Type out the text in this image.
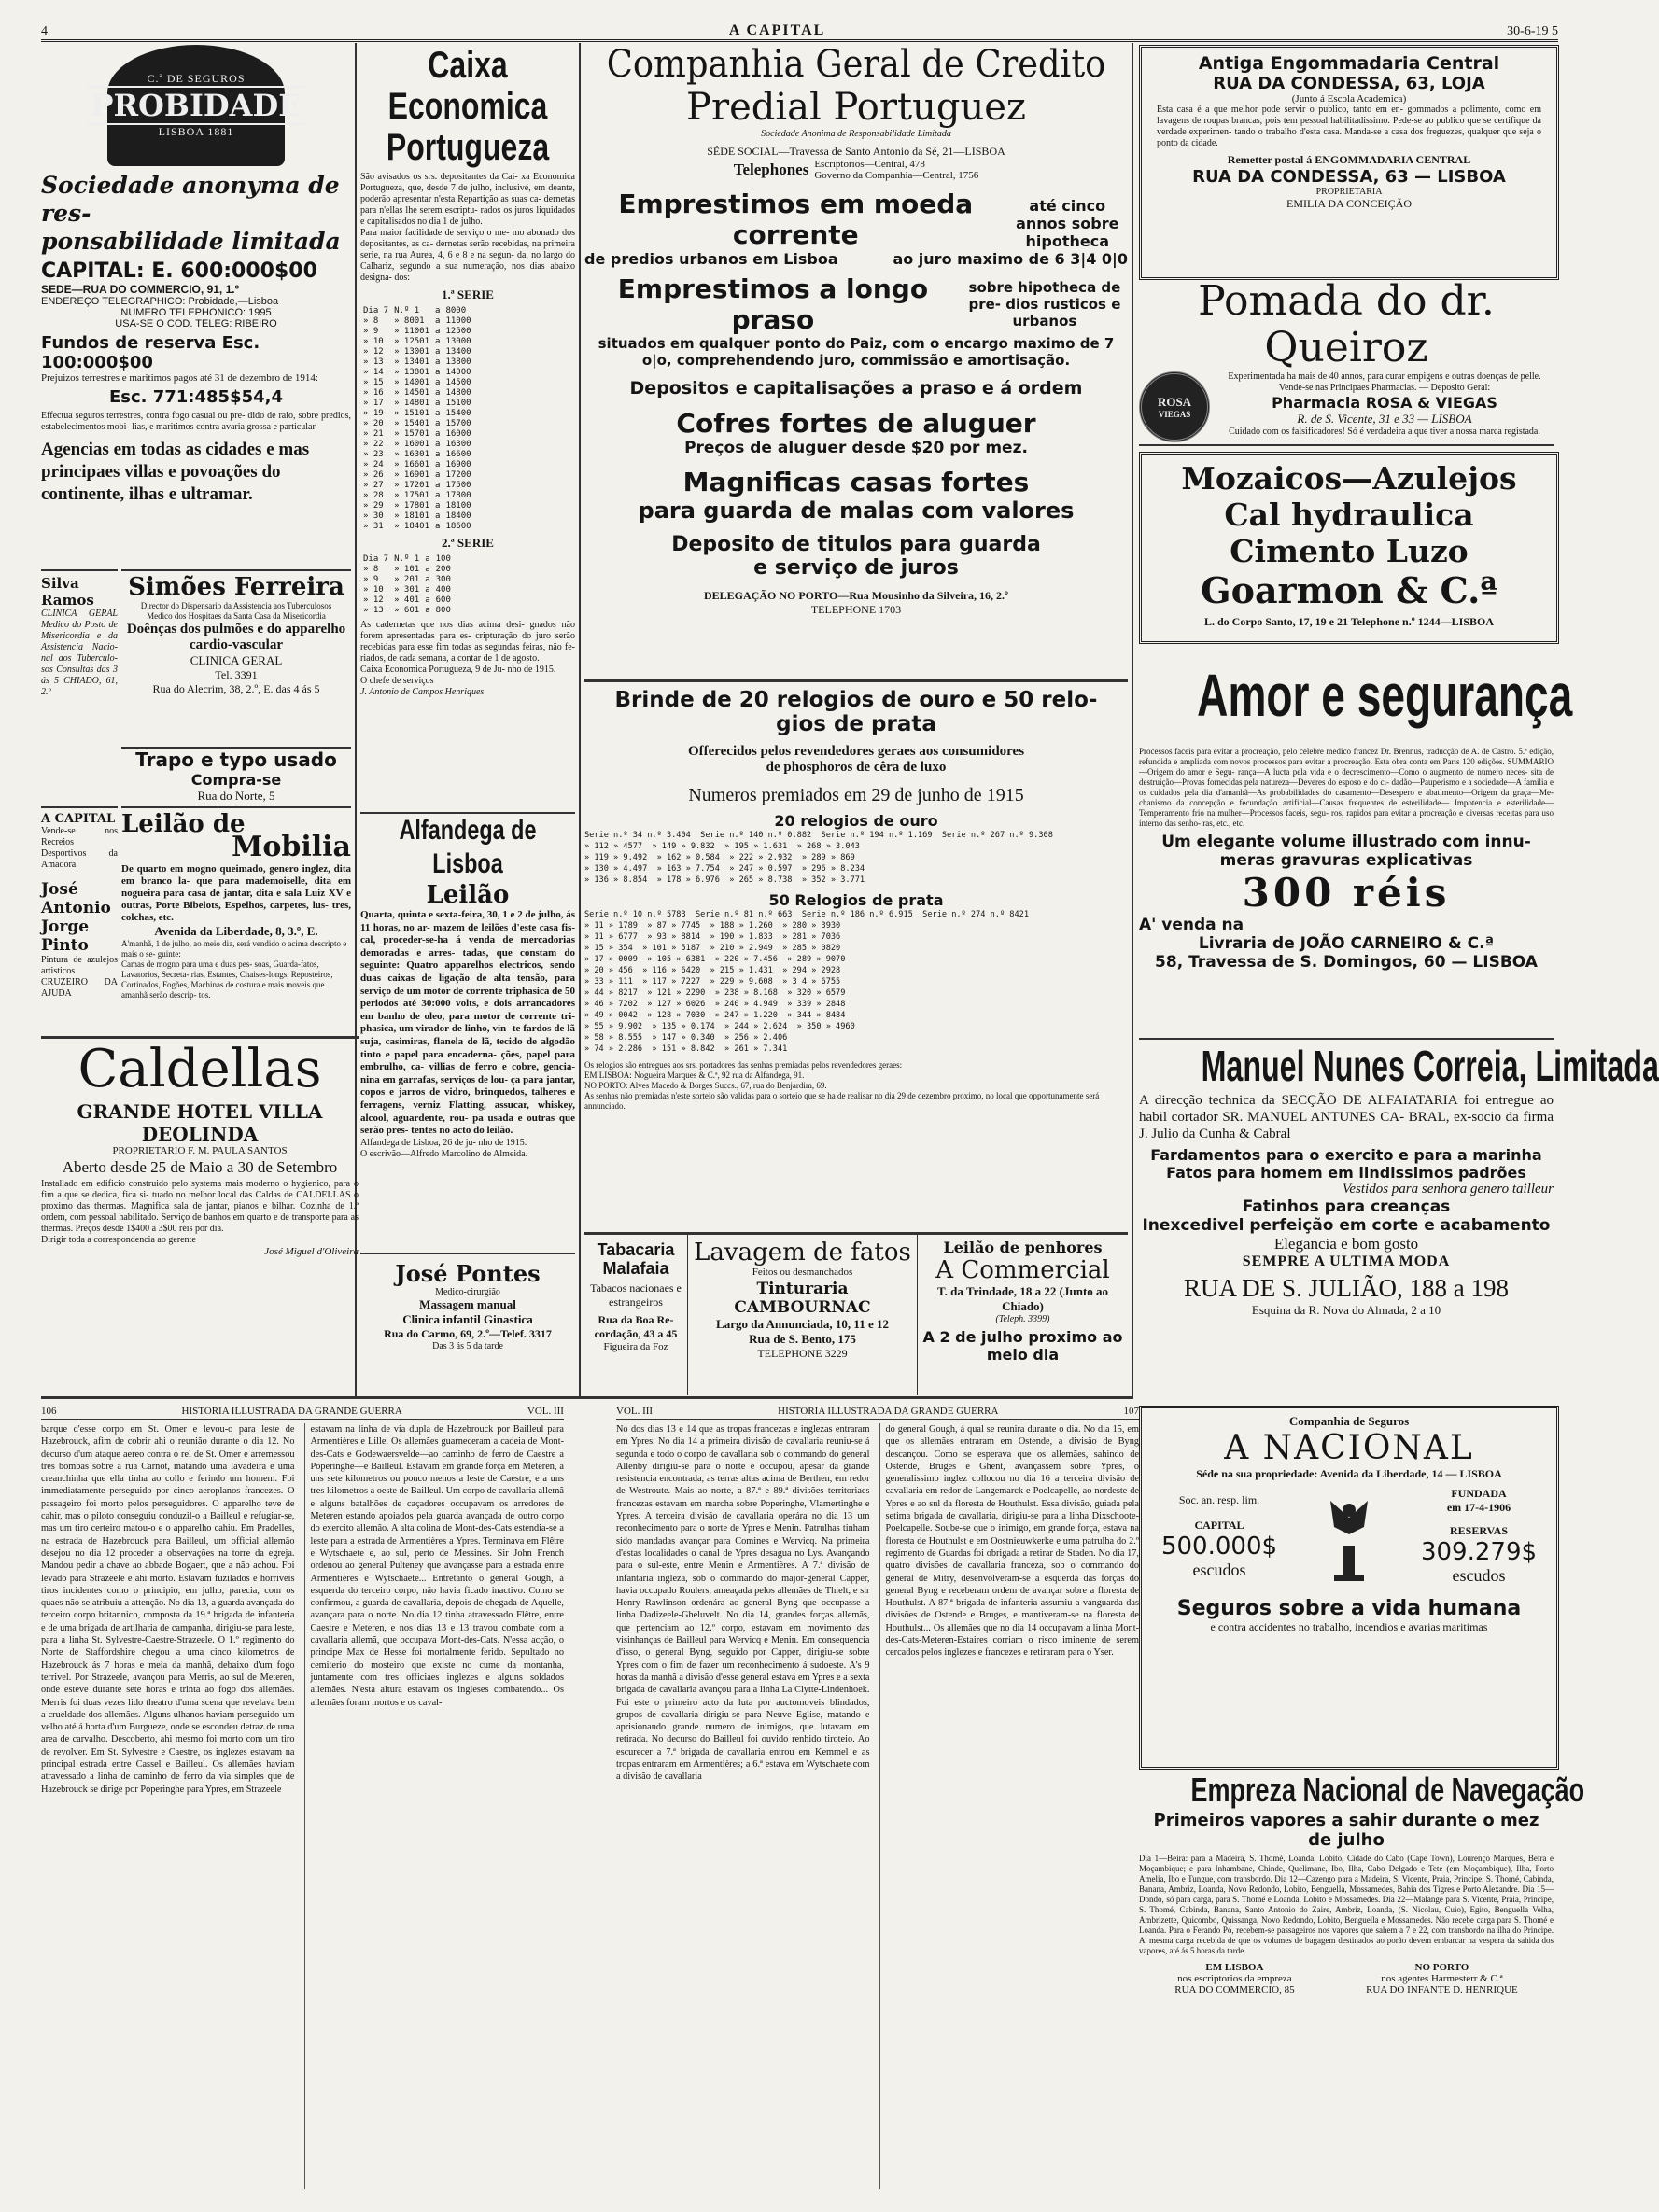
4	A CAPITAL	30-6-19 5
C.ª DE SEGUROS
PROBIDADE
LISBOA 1881
Sociedade anonyma de res-
ponsabilidade limitada
CAPITAL: E. 600:000$00
SEDE—RUA DO COMMERCIO, 91, 1.º
ENDEREÇO TELEGRAPHICO: Probidade,—Lisboa
NUMERO TELEPHONICO: 1995
USA-SE O COD. TELEG: RIBEIRO
Fundos de reserva Esc. 100:000$00
Prejuizos terrestres e maritimos pagos até 31 de dezembro de 1914:
Esc. 771:485$54,4
Effectua seguros terrestres, contra fogo casual ou pre- dido de raio, sobre predios, estabelecimentos mobi- lias, e maritimos contra avaria grossa e particular.
Agencias em todas as cidades e mas principaes villas e povoações do continente, ilhas e ultramar.
Silva Ramos
CLINICA GERAL Medico do Posto de Misericordia e da Assistencia Nacio- nal aos Tuberculo- sos Consultas das 3 ás 5 CHIADO, 61, 2.º
Simões Ferreira
Director do Dispensario da Assistencia aos Tuberculosos
Medico dos Hospitaes da Santa Casa da Misericordia
Doênças dos pulmões e do apparelho cardio-vascular
CLINICA GERAL
Tel. 3391
Rua do Alecrim, 38, 2.º, E. das 4 ás 5
Trapo e typo usado
Compra-se
Rua do Norte, 5
A CAPITAL
Vende-se nos Recreios Desportivos da Amadora.
José Antonio Jorge Pinto
Pintura de azulejos artisticos CRUZEIRO DA AJUDA
Leilão de
Mobilia
De quarto em mogno queimado, genero inglez, dita em branco la- que para mademoiselle, dita em nogueira para casa de jantar, dita e sala Luiz XV e outras, Porte Bibelots, Espelhos, carpetes, lus- tres, colchas, etc.
Avenida da Liberdade, 8, 3.º, E.
A'manhã, 1 de julho, ao meio dia, será vendido o acima descripto e mais o se- guinte:
Camas de mogno para uma e duas pes- soas, Guarda-fatos, Lavatorios, Secreta- rias, Estantes, Chaises-longs, Reposteiros, Cortinados, Fogões, Machinas de costura e mais moveis que amanhã serão descrip- tos.
Caldellas
GRANDE HOTEL VILLA DEOLINDA
PROPRIETARIO F. M. PAULA SANTOS
Aberto desde 25 de Maio a 30 de Setembro
Installado em edificio construido pelo systema mais moderno o hygienico, para o fim a que se dedica, fica si- tuado no melhor local das Caldas de CALDELLAS o proximo das thermas. Magnifica sala de jantar, pianos e bilhar. Cozinha de 1.ª ordem, com pessoal habilitado. Serviço de banhos em quarto e de transporte para as thermas. Preços desde 1$400 a 3$00 réis por dia.
Dirigir toda a correspondencia ao gerente
José Miguel d'Oliveira
Caixa Economica
Portugueza
São avisados os srs. depositantes da Cai- xa Economica Portugueza, que, desde 7 de julho, inclusivé, em deante, poderão apresentar n'esta Repartição as suas ca- dernetas para n'ellas lhe serem escriptu- rados os juros liquidados e capitalisados no dia 1 de julho.
Para maior facilidade de serviço o me- mo abonado dos depositantes, as ca- dernetas serão recebidas, na primeira serie, na rua Aurea, 4, 6 e 8 e na segun- da, no largo do Calhariz, segundo a sua numeração, nos dias abaixo designa- dos:
1.ª SERIE
Dia 7	N.º 1	a	8000
» 8	» 8001	a	11000
» 9	» 11001	a	12500
» 10	» 12501	a	13000
» 12	» 13001	a	13400
» 13	» 13401	a	13800
» 14	» 13801	a	14000
» 15	» 14001	a	14500
» 16	» 14501	a	14800
» 17	» 14801	a	15100
» 19	» 15101	a	15400
» 20	» 15401	a	15700
» 21	» 15701	a	16000
» 22	» 16001	a	16300
» 23	» 16301	a	16600
» 24	» 16601	a	16900
» 26	» 16901	a	17200
» 27	» 17201	a	17500
» 28	» 17501	a	17800
» 29	» 17801	a	18100
» 30	» 18101	a	18400
» 31	» 18401	a	18600
2.ª SERIE
Dia 7	N.º 1	a	100
» 8	» 101	a	200
» 9	» 201	a	300
» 10	» 301	a	400
» 12	» 401	a	600
» 13	» 601	a	800
As cadernetas que nos dias acima desi- gnados não forem apresentadas para es- cripturação do juro serão recebidas para esse fim todas as segundas feiras, não fe- riados, de cada semana, a contar de 1 de agosto.
Caixa Economica Portugueza, 9 de Ju- nho de 1915.
O chefe de serviços
J. Antonio de Campos Henriques
Alfandega de Lisboa
Leilão
Quarta, quinta e sexta-feira, 30, 1 e 2 de julho, ás 11 horas, no ar- mazem de leilões d'este casa fis- cal, proceder-se-ha á venda de mercadorias demoradas e arres- tadas, que constam do seguinte: Quatro apparelhos electricos, sendo duas caixas de ligação de alta tensão, para serviço de um motor de corrente triphasica de 50 periodos até 30:000 volts, e dois arrancadores em banho de oleo, para motor de corrente tri- phasica, um virador de linho, vin- te fardos de lã suja, casimiras, flanela de lã, tecido de algodão tinto e papel para encaderna- ções, papel para embrulho, ca- villias de ferro e cobre, gencia- nina em garrafas, serviços de lou- ça para jantar, copos e jarros de vidro, brinquedos, talheres e ferragens, verniz Flatting, assucar, whiskey, alcool, aguardente, rou- pa usada e outras que serão pres- tentes no acto do leilão.
Alfandega de Lisboa, 26 de ju- nho de 1915.
O escrivão—Alfredo Marcolino de Almeida.
José Pontes
Medico-cirurgião
Massagem manual
Clinica infantil Ginastica
Rua do Carmo, 69, 2.º—Telef. 3317
Das 3 ás 5 da tarde
Companhia Geral de Credito
Predial Portuguez
Sociedade Anonima de Responsabilidade Limitada
SÉDE SOCIAL—Travessa de Santo Antonio da Sé, 21—LISBOA
Telephones Escriptorios—Central, 478
Governo da Companhia—Central, 1756
Emprestimos em moeda corrente
até cinco annos sobre hipotheca
de predios urbanos em Lisboa	ao juro maximo de 6 3|4 0|0
Emprestimos a longo praso
sobre hipotheca de pre- dios rusticos e urbanos
situados em qualquer ponto do Paiz, com o encargo maximo de 7 o|o, comprehendendo juro, commissão e amortisação.
Depositos e capitalisações a praso e á ordem
Cofres fortes de aluguer
Preços de aluguer desde $20 por mez.
Magnificas casas fortes
para guarda de malas com valores
Deposito de titulos para guarda
e serviço de juros
DELEGAÇÃO NO PORTO—Rua Mousinho da Silveira, 16, 2.º
TELEPHONE 1703
Brinde de 20 relogios de ouro e 50 relo-
gios de prata
Offerecidos pelos revendedores geraes aos consumidores
de phosphoros de cêra de luxo
Numeros premiados em 29 de junho de 1915
20 relogios de ouro
Serie n.º 34 n.º 3.404  Serie n.º 140 n.º 0.882  Serie n.º 194 n.º 1.169  Serie n.º 267 n.º 9.308
» 112 » 4577  » 149 » 9.832  » 195 » 1.631  » 268 » 3.043
» 119 » 9.492  » 162 » 0.584  » 222 » 2.932  » 289 » 869
» 130 » 4.497  » 163 » 7.754  » 247 » 0.597  » 296 » 8.234
» 136 » 8.854  » 178 » 6.976  » 265 » 8.738  » 352 » 3.771
50 Relogios de prata
Serie n.º 10 n.º 5783  Serie n.º 81 n.º 663  Serie n.º 186 n.º 6.915  Serie n.º 274 n.º 8421
» 11 » 1789  » 87 » 7745  » 188 » 1.260  » 280 » 3930
» 11 » 6777  » 93 » 8814  » 190 » 1.833  » 281 » 7036
» 15 » 354  » 101 » 5187  » 210 » 2.949  » 285 » 0820
» 17 » 0009  » 105 » 6381  » 220 » 7.456  » 289 » 9070
» 20 » 456  » 116 » 6420  » 215 » 1.431  » 294 » 2928
» 33 » 111  » 117 » 7227  » 229 » 9.608  » 3 4 » 6755
» 44 » 8217  » 121 » 2290  » 238 » 8.168  » 320 » 6579
» 46 » 7202  » 127 » 6026  » 240 » 4.949  » 339 » 2848
» 49 » 0042  » 128 » 7030  » 247 » 1.220  » 344 » 8484
» 55 » 9.902  » 135 » 0.174  » 244 » 2.624  » 350 » 4960
» 58 » 8.555  » 147 » 0.340  » 256 » 2.406
» 74 » 2.286  » 151 » 8.842  » 261 » 7.341
Os relogios são entregues aos srs. portadores das senhas premiadas pelos revendedores geraes:
EM LISBOA: Nogueira Marques & C.ª, 92 rua da Alfandega, 91.
NO PORTO: Alves Macedo & Borges Succs., 67, rua do Benjardim, 69.
As senhas não premiadas n'este sorteio são validas para o sorteio que se ha de realisar no dia 29 de dezembro proximo, no local que opportunamente será annunciado.
Tabacaria Malafaia
Tabacos nacionaes e estrangeiros
Rua da Boa Re- cordação, 43 a 45
Figueira da Foz
Lavagem de fatos
Feitos ou desmanchados
Tinturaria CAMBOURNAC
Largo da Annunciada, 10, 11 e 12
Rua de S. Bento, 175
TELEPHONE 3229
Leilão de penhores
A Commercial
T. da Trindade, 18 a 22 (Junto ao Chiado)
(Teleph. 3399)
A 2 de julho proximo ao meio dia
Antiga Engommadaria Central
RUA DA CONDESSA, 63, LOJA
(Junto á Escola Academica)
Esta casa é a que melhor pode servir o publico, tanto em en- gommados a polimento, como em lavagens de roupas brancas, pois tem pessoal habilitadissimo. Pede-se ao publico que se certifique da verdade experimen- tando o trabalho d'esta casa. Manda-se a casa dos freguezes, qualquer que seja o ponto da cidade.
Remetter postal á ENGOMMADARIA CENTRAL
RUA DA CONDESSA, 63 — LISBOA
PROPRIETARIA
EMILIA DA CONCEIÇÃO
Pomada do dr. Queiroz
ROSA
VIEGAS
Experimentada ha mais de 40 annos, para curar empigens e outras doenças de pelle. Vende-se nas Principaes Pharmacias. — Deposito Geral:
Pharmacia ROSA & VIEGAS
R. de S. Vicente, 31 e 33 — LISBOA
Cuidado com os falsificadores! Só é verdadeira a que tiver a nossa marca registada.
Mozaicos—Azulejos
Cal hydraulica
Cimento Luzo
Goarmon & C.ª
L. do Corpo Santo, 17, 19 e 21 Telephone n.º 1244—LISBOA
Amor e segurança
Processos faceis para evitar a procreação, pelo celebre medico francez Dr. Brennus, traducção de A. de Castro. 5.ª edição, refundida e ampliada com novos processos para evitar a procreação. Esta obra conta em Paris 120 edições. SUMMARIO—Origem do amor e Segu- rança—A lucta pela vida e o decrescimento—Como o augmento de numero neces- sita de destruição—Provas fornecidas pela natureza—Deveres do esposo e do ci- dadão—Pauperismo e a sociedade—A familia e os cuidados pela dia d'amanhã—As probabilidades do casamento—Desespero e abatimento—Origem da graça—Me- chanismo da concepção e fecundação artificial—Causas frequentes de esterilidade— Impotencia e esterilidade—Temperamento frio na mulher—Processos faceis, segu- ros, rapidos para evitar a procreação e diversas receitas para uso interno das senho- ras, etc., etc.
Um elegante volume illustrado com innu- meras gravuras explicativas
300 réis
A' venda na
Livraria de JOÃO CARNEIRO & C.ª
58, Travessa de S. Domingos, 60 — LISBOA
Manuel Nunes Correia, Limitada
A direcção technica da SECÇÃO DE ALFAIATARIA foi entregue ao habil cortador SR. MANUEL ANTUNES CA- BRAL, ex-socio da firma J. Julio da Cunha & Cabral
Fardamentos para o exercito e para a marinha
Fatos para homem em lindissimos padrões
Vestidos para senhora genero tailleur
Fatinhos para creanças
Inexcedivel perfeição em corte e acabamento
Elegancia e bom gosto
SEMPRE A ULTIMA MODA
RUA DE S. JULIÃO, 188 a 198
Esquina da R. Nova do Almada, 2 a 10
106	HISTORIA ILLUSTRADA DA GRANDE GUERRA	VOL. III
barque d'esse corpo em St. Omer e levou-o para leste de Hazebrouck, afim de cobrir ahi o reunião durante o dia 12. No decurso d'um ataque aereo contra o rel de St. Omer e arremessou tres bombas sobre a rua Carnot, matando uma lavadeira e uma creanchinha que ella tinha ao collo e ferindo um homem. Foi immediatamente perseguido por cinco aeroplanos francezes. O passageiro foi morto pelos perseguidores. O apparelho teve de cahir, mas o piloto conseguiu conduzil-o a Bailleul e refugiar-se, mas um tiro certeiro matou-o e o apparelho cahiu. Em Pradelles, na estrada de Hazebrouck para Bailleul, um official allemão desejou no dia 12 proceder a observações na torre da egreja. Mandou pedir a chave ao abbade Bogaert, que a não achou. Foi levado para Strazeele e ahi morto. Estavam fuzilados e horriveis tiros incidentes como o principio, em julho, parecia, com os quaes não se atribuiu a attenção. No dia 13, a guarda avançada do terceiro corpo britannico, composta da 19.ª brigada de infanteria e de uma brigada de artilharia de campanha, dirigiu-se para leste, para a linha St. Sylvestre-Caestre-Strazeele. O 1.º regimento do Norte de Staffordshire chegou a uma cinco kilometros de Hazebrouck ás 7 horas e meia da manhã, debaixo d'um fogo terrivel. Por Strazeele, avançou para Merris, ao sul de Meteren, onde esteve durante sete horas e trinta ao fogo dos allemães. Merris foi duas vezes lido theatro d'uma scena que revelava bem a crueldade dos allemães. Alguns ulhanos haviam perseguido um velho até á horta d'um Burgueze, onde se escondeu detraz de uma area de carvalho. Descoberto, ahi mesmo foi morto com um tiro de revolver. Em St. Sylvestre e Caestre, os inglezes estavam na principal estrada entre Cassel e Bailleul. Os allemães haviam atravessado a linha de caminho de ferro da via simples que de Hazebrouck se dirige por Poperinghe para Ypres, em Strazeele
estavam na linha de via dupla de Hazebrouck por Bailleul para Armentières e Lille. Os allemães guarneceram a cadeia de Mont-des-Cats e Godewaersvelde—ao caminho de ferro de Caestre a Poperinghe—e Bailleul. Estavam em grande força em Meteren, a uns sete kilometros ou pouco menos a leste de Caestre, e a uns tres kilometros a oeste de Bailleul. Um corpo de cavallaria allemã e alguns batalhões de caçadores occupavam os arredores de Meteren estando apoiados pela guarda avançada de outro corpo do exercito allemão. A alta colina de Mont-des-Cats estendia-se a leste para a estrada de Armentières a Ypres. Terminava em Flêtre e Wytschaete e, ao sul, perto de Messines. Sir John French ordenou ao general Pulteney que avançasse para a estrada entre Armentières e Wytschaete... Entretanto o general Gough, á esquerda do terceiro corpo, não havia ficado inactivo. Como se confirmou, a guarda de cavallaria, depois de chegada de Aquelle, avançara para o norte. No dia 12 tinha atravessado Flêtre, entre Caestre e Meteren, e nos dias 13 e 13 travou combate com a cavallaria allemã, que occupava Mont-des-Cats. N'essa acção, o principe Max de Hesse foi mortalmente ferido. Sepultado no cemiterio do mosteiro que existe no cume da montanha, juntamente com tres officiaes inglezes e alguns soldados allemães. N'esta altura estavam os ingleses combatendo... Os allemães foram mortos e os caval-
VOL. III	HISTORIA ILLUSTRADA DA GRANDE GUERRA	107
No dos dias 13 e 14 que as tropas francezas e inglezas entraram em Ypres. No dia 14 a primeira divisão de cavallaria reuniu-se á segunda e todo o corpo de cavallaria sob o commando do general Allenby dirigiu-se para o norte e occupou, apesar da grande resistencia encontrada, as terras altas acima de Berthen, em redor de Westroute. Mais ao norte, a 87.ª e 89.ª divisões territoriaes francezas estavam em marcha sobre Poperinghe, Vlamertinghe e Ypres. A terceira divisão de cavallaria operára no dia 13 um reconhecimento para o norte de Ypres e Menin. Patrulhas tinham sido mandadas avançar para Comines e Wervicq. Na primeira d'estas localidades o canal de Ypres desagua no Lys. Avançando para o sul-este, entre Menin e Armentières. A 7.ª divisão de infantaria ingleza, sob o commando do major-general Capper, havia occupado Roulers, ameaçada pelos allemães de Thielt, e sir Henry Rawlinson ordenára ao general Byng que occupasse a linha Dadizeele-Gheluvelt. No dia 14, grandes forças allemãs, que pertenciam ao 12.º corpo, estavam em movimento das visinhanças de Bailleul para Wervicq e Menin. Em consequencia d'isso, o general Byng, seguido por Capper, dirigiu-se sobre Ypres com o fim de fazer um reconhecimento á sudoeste. A's 9 horas da manhã a divisão d'esse general estava em Ypres e a sexta brigada de cavallaria avançou para a linha La Clytte-Lindenhoek. Foi este o primeiro acto da luta por auctomoveis blindados, grupos de cavallaria dirigiu-se para Neuve Eglise, matando e aprisionando grande numero de inimigos, que lutavam em retirada. No decurso do Bailleul foi ouvido renhido tiroteio. Ao escurecer a 7.ª brigada de cavallaria entrou em Kemmel e as tropas entraram em Armentières; a 6.ª estava em Wytschaete com a divisão de cavallaria
do general Gough, á qual se reunira durante o dia. No dia 15, em que os allemães entraram em Ostende, a divisão de Byng descançou. Como se esperava que os allemães, sahindo de Ostende, Bruges e Ghent, avançassem sobre Ypres, o generalissimo inglez collocou no dia 16 a terceira divisão de cavallaria em redor de Langemarck e Poelcapelle, ao nordeste de Ypres e ao sul da floresta de Houthulst. Essa divisão, guiada pela setima brigada de cavallaria, dirigiu-se para a linha Dixschoote-Poelcapelle. Soube-se que o inimigo, em grande força, estava na floresta de Houthulst e em Oostnieuwkerke e uma patrulha do 2.º regimento de Guardas foi obrigada a retirar de Staden. No dia 17, quatro divisões de cavallaria franceza, sob o commando do general de Mitry, desenvolveram-se a esquerda das forças do general Byng e receberam ordem de avançar sobre a floresta de Houthulst. A 87.ª brigada de infanteria assumiu a vanguarda das divisões de Ostende e Bruges, e mantiveram-se na floresta de Houthulst... Os allemães que no dia 14 occupavam a linha Mont-des-Cats-Meteren-Estaires corriam o risco iminente de serem cercados pelos inglezes e francezes e retiraram para o Yser.
Companhia de Seguros
A NACIONAL
Séde na sua propriedade: Avenida da Liberdade, 14 — LISBOA
Soc. an. resp. lim.
CAPITAL
500.000$
escudos
FUNDADA
em 17-4-1906
RESERVAS
309.279$
escudos
Seguros sobre a vida humana
e contra accidentes no trabalho, incendios e avarias maritimas
Empreza Nacional de Navegação
Primeiros vapores a sahir durante o mez de julho
Dia 1—Beira: para a Madeira, S. Thomé, Loanda, Lobito, Cidade do Cabo (Cape Town), Lourenço Marques, Beira e Moçambique; e para Inhambane, Chinde, Quelimane, Ibo, Ilha, Cabo Delgado e Tete (em Moçambique), Ilha, Porto Amelia, Ibo e Tungue, com transbordo. Dia 12—Cazengo para a Madeira, S. Vicente, Praia, Principe, S. Thomé, Cabinda, Banana, Ambriz, Loanda, Novo Redondo, Lobito, Benguella, Mossamedes, Bahia dos Tigres e Porto Alexandre. Dia 15—Dondo, só para carga, para S. Thomé e Loanda, Lobito e Mossamedes. Dia 22—Malange para S. Vicente, Praia, Principe, S. Thomé, Cabinda, Banana, Santo Antonio do Zaire, Ambriz, Loanda, (S. Nicolau, Cuio), Egito, Benguella Velha, Ambrizette, Quicombo, Quissanga, Novo Redondo, Lobito, Benguella e Mossamedes. Não recebe carga para S. Thomé e Loanda. Para o Ferando Pó, recebem-se passageiros nos vapores que sahem a 7 e 22, com transbordo na ilha do Principe. A' mesma carga recebida de que os volumes de bagagem destinados ao porão devem embarcar na vespera da sahida dos vapores, até ás 5 horas da tarde.
EM LISBOA
nos escriptorios da empreza
RUA DO COMMERCIO, 85
NO PORTO
nos agentes Harmesterr & C.ª
RUA DO INFANTE D. HENRIQUE
